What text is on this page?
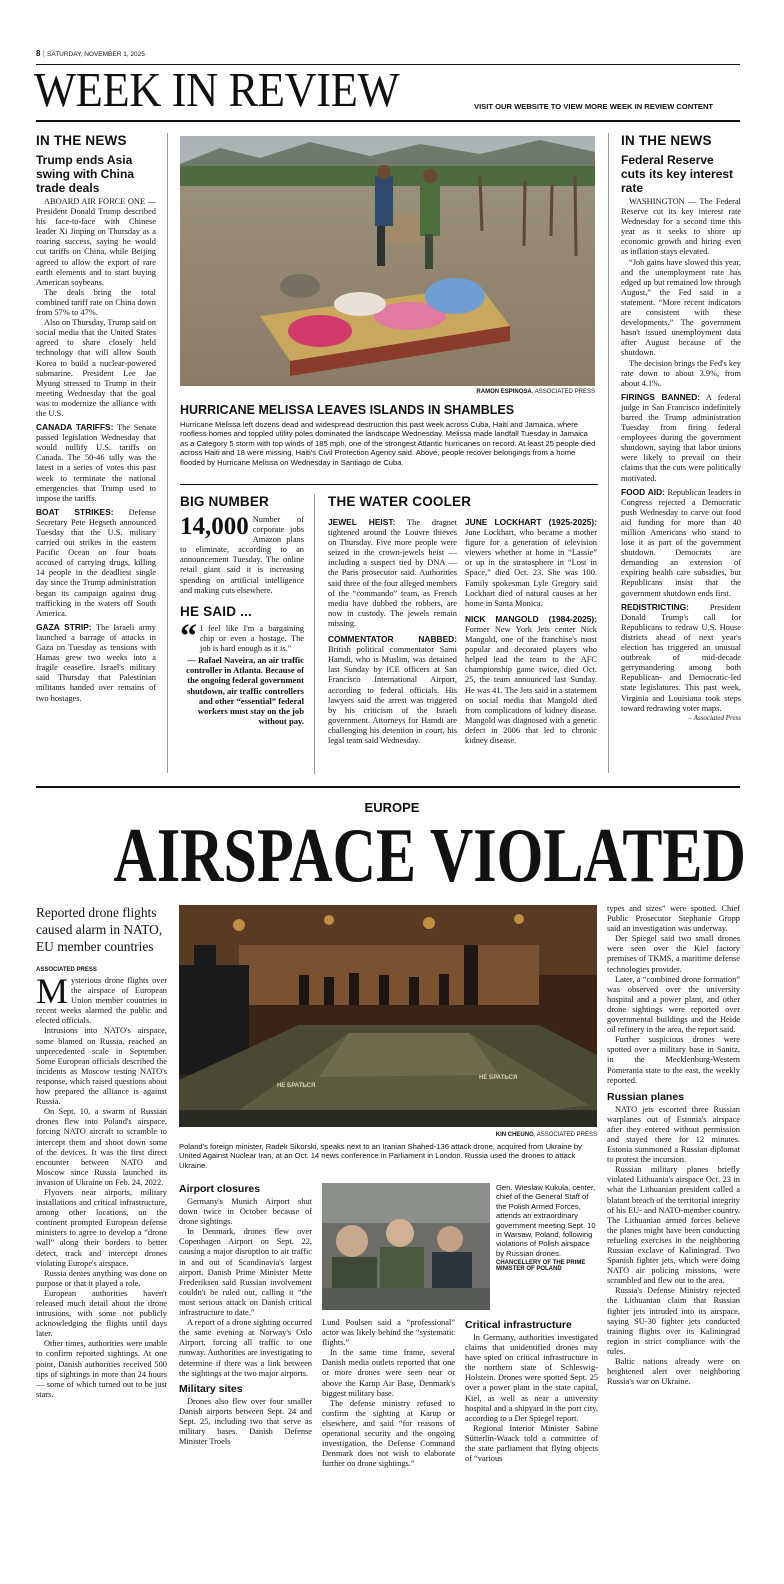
8 | SATURDAY, NOVEMBER 1, 2025
WEEK IN REVIEW	VISIT OUR WEBSITE TO VIEW MORE WEEK IN REVIEW CONTENT
IN THE NEWS
Trump ends Asia swing with China trade deals

ABOARD AIR FORCE ONE — President Donald Trump described his face-to-face with Chinese leader Xi Jinping on Thursday as a roaring success, saying he would cut tariffs on China, while Beijing agreed to allow the export of rare earth elements and to start buying American soybeans.

The deals bring the total combined tariff rate on China down from 57% to 47%.

Also on Thursday, Trump said on social media that the United States agreed to share closely held technology that will allow South Korea to build a nuclear-powered submarine. President Lee Jae Myung stressed to Trump in their meeting Wednesday that the goal was to modernize the alliance with the U.S.

CANADA TARIFFS: The Senate passed legislation Wednesday that would nullify U.S. tariffs on Canada. The 50-46 tally was the latest in a series of votes this past week to terminate the national emergencies that Trump used to impose the tariffs.

BOAT STRIKES: Defense Secretary Pete Hegseth announced Tuesday that the U.S. military carried out strikes in the eastern Pacific Ocean on four boats accused of carrying drugs, killing 14 people in the deadliest single day since the Trump administration began its campaign against drug trafficking in the waters off South America.

GAZA STRIP: The Israeli army launched a barrage of attacks in Gaza on Tuesday as tensions with Hamas grew two weeks into a fragile ceasefire. Israel's military said Thursday that Palestinian militants handed over remains of two hostages.

RAMON ESPINOSA, ASSOCIATED PRESS
HURRICANE MELISSA LEAVES ISLANDS IN SHAMBLES
Hurricane Melissa left dozens dead and widespread destruction this past week across Cuba, Haiti and Jamaica, where roofless homes and toppled utility poles dominated the landscape Wednesday. Melissa made landfall Tuesday in Jamaica as a Category 5 storm with top winds of 185 mph, one of the strongest Atlantic hurricanes on record. At least 25 people died across Haiti and 18 were missing, Haiti's Civil Protection Agency said. Above, people recover belongings from a home flooded by Hurricane Melissa on Wednesday in Santiago de Cuba.
BIG NUMBER
14,000 Number of corporate jobs Amazon plans to eliminate, according to an announcement Tuesday. The online retail giant said it is increasing spending on artificial intelligence and making cuts elsewhere.
HE SAID ...
“ I feel like I'm a bargaining chip or even a hostage. The job is hard enough as it is."
— Rafael Naveira, an air traffic controller in Atlanta. Because of the ongoing federal government shutdown, air traffic controllers and other “essential” federal workers must stay on the job without pay.
THE WATER COOLER

JEWEL HEIST: The dragnet tightened around the Louvre thieves on Thursday. Five more people were seized in the crown-jewels heist — including a suspect tied by DNA — the Paris prosecutor said. Authorities said three of the four alleged members of the “commando” team, as French media have dubbed the robbers, are now in custody. The jewels remain missing.

COMMENTATOR NABBED: British political commentator Sami Hamdi, who is Muslim, was detained last Sunday by ICE officers at San Francisco International Airport, according to federal officials. His lawyers said the arrest was triggered by his criticism of the Israeli government. Attorneys for Hamdi are challenging his detention in court, his legal team said Wednesday.

JUNE LOCKHART (1925-2025): June Lockhart, who became a mother figure for a generation of television viewers whether at home in “Lassie” or up in the stratosphere in “Lost in Space,” died Oct. 23. She was 100. Family spokesman Lyle Gregory said Lockhart died of natural causes at her home in Santa Monica.

NICK MANGOLD (1984-2025): Former New York Jets center Nick Mangold, one of the franchise's most popular and decorated players who helped lead the team to the AFC championship game twice, died Oct. 25, the team announced last Sunday. He was 41. The Jets said in a statement on social media that Mangold died from complications of kidney disease. Mangold was diagnosed with a genetic defect in 2006 that led to chronic kidney disease.

IN THE NEWS
Federal Reserve cuts its key interest rate

WASHINGTON — The Federal Reserve cut its key interest rate Wednesday for a second time this year as it seeks to shore up economic growth and hiring even as inflation stays elevated.

“Job gains have slowed this year, and the unemployment rate has edged up but remained low through August,” the Fed said in a statement. “More recent indicators are consistent with these developments.” The government hasn't issued unemployment data after August because of the shutdown.

The decision brings the Fed's key rate down to about 3.9%, from about 4.1%.

FIRINGS BANNED: A federal judge in San Francisco indefinitely barred the Trump administration Tuesday from firing federal employees during the government shutdown, saying that labor unions were likely to prevail on their claims that the cuts were politically motivated.

FOOD AID: Republican leaders in Congress rejected a Democratic push Wednesday to carve out food aid funding for more than 40 million Americans who stand to lose it as part of the government shutdown. Democrats are demanding an extension of expiring health care subsidies, but Republicans insist that the government shutdown ends first.

REDISTRICTING: President Donald Trump's call for Republicans to redraw U.S. House districts ahead of next year's election has triggered an unusual outbreak of mid-decade gerrymandering among both Republican- and Democratic-led state legislatures. This past week, Virginia and Louisiana took steps toward redrawing voter maps.

– Associated Press
EUROPE
AIRSPACE VIOLATED
Reported drone flights caused alarm in NATO, EU member countries
ASSOCIATED PRESS

Mysterious drone flights over the airspace of European Union member countries in recent weeks alarmed the public and elected officials.

Intrusions into NATO's airspace, some blamed on Russia, reached an unprecedented scale in September. Some European officials described the incidents as Moscow testing NATO's response, which raised questions about how prepared the alliance is against Russia.

On Sept. 10, a swarm of Russian drones flew into Poland's airspace, forcing NATO aircraft to scramble to intercept them and shoot down some of the devices. It was the first direct encounter between NATO and Moscow since Russia launched its invasion of Ukraine on Feb. 24, 2022.

Flyovers near airports, military installations and critical infrastructure, among other locations, on the continent prompted European defense ministers to agree to develop a “drone wall” along their borders to better detect, track and intercept drones violating Europe's airspace.

Russia denies anything was done on purpose or that it played a role.

European authorities haven't released much detail about the drone intrusions, with some not publicly acknowledging the flights until days later.

Other times, authorities were unable to confirm reported sightings. At one point, Danish authorities received 500 tips of sightings in more than 24 hours — some of which turned out to be just stars.

НЕ БРАТЬСЯ
НЕ БРАТЬСЯ
KIN CHEUNG, ASSOCIATED PRESS
Poland's foreign minister, Radek Sikorski, speaks next to an Iranian Shahed-136 attack drone, acquired from Ukraine by United Against Nuclear Iran, at an Oct. 14 news conference in Parliament in London. Russia used the drones to attack Ukraine.
Airport closures

Germany's Munich Airport shut down twice in October because of drone sightings.

In Denmark, drones flew over Copenhagen Airport on Sept. 22, causing a major disruption to air traffic in and out of Scandinavia's largest airport. Danish Prime Minister Mette Frederiksen said Russian involvement couldn't be ruled out, calling it “the most serious attack on Danish critical infrastructure to date.”

A report of a drone sighting occurred the same evening at Norway's Oslo Airport, forcing all traffic to one runway. Authorities are investigating to determine if there was a link between the sightings at the two major airports.

Military sites

Drones also flew over four smaller Danish airports between Sept. 24 and Sept. 25, including two that serve as military bases. Danish Defense Minister Troels

Gen. Wieslaw Kukula, center, chief of the General Staff of the Polish Armed Forces, attends an extraordinary government meeting Sept. 10 in Warsaw, Poland, following violations of Polish airspace by Russian drones.
CHANCELLERY OF THE PRIME MINISTER OF POLAND

Lund Poulsen said a “professional” actor was likely behind the “systematic flights.”

In the same time frame, several Danish media outlets reported that one or more drones were seen near or above the Karup Air Base, Denmark's biggest military base.

The defense ministry refused to confirm the sighting at Karup or elsewhere, and said “for reasons of operational security and the ongoing investigation, the Defense Command Denmark does not wish to elaborate further on drone sightings.”

Critical infrastructure

In Germany, authorities investigated claims that unidentified drones may have spied on critical infrastructure in the northern state of Schleswig-Holstein. Drones were spotted Sept. 25 over a power plant in the state capital, Kiel, as well as near a university hospital and a shipyard in the port city, according to a Der Spiegel report.

Regional Interior Minister Sabine Sütterlin-Waack told a committee of the state parliament that flying objects of “various

types and sizes” were spotted. Chief Public Prosecutor Stephanie Gropp said an investigation was underway.

Der Spiegel said two small drones were seen over the Kiel factory premises of TKMS, a maritime defense technologies provider.

Later, a “combined drone formation” was observed over the university hospital and a power plant, and other drone sightings were reported over governmental buildings and the Heide oil refinery in the area, the report said.

Further suspicious drones were spotted over a military base in Sanitz, in the Mecklenburg-Western Pomerania state to the east, the weekly reported.

Russian planes

NATO jets escorted three Russian warplanes out of Estonia's airspace after they entered without permission and stayed there for 12 minutes. Estonia summoned a Russian diplomat to protest the incursion.

Russian military planes briefly violated Lithuania's airspace Oct. 23 in what the Lithuanian president called a blatant breach of the territorial integrity of his EU- and NATO-member country. The Lithuanian armed forces believe the planes might have been conducting refueling exercises in the neighboring Russian exclave of Kaliningrad. Two Spanish fighter jets, which were doing NATO air policing missions, were scrambled and flew out to the area.

Russia's Defense Ministry rejected the Lithuanian claim that Russian fighter jets intruded into its airspace, saying SU-30 fighter jets conducted training flights over its Kaliningrad region in strict compliance with the rules.

Baltic nations already were on heightened alert over neighboring Russia's war on Ukraine.
